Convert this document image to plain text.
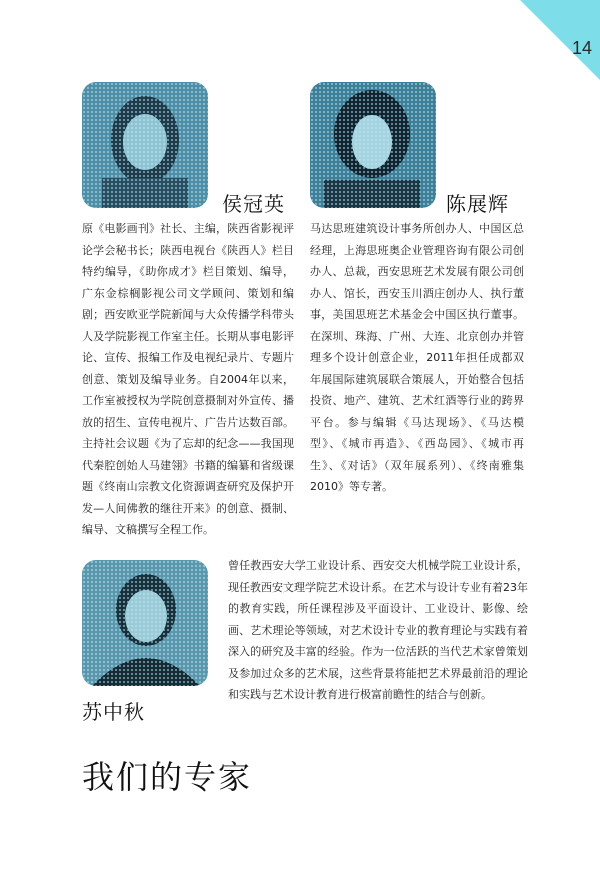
14
侯冠英

原《电影画刊》社长、主编，陕西省影视评论学会秘书长；陕西电视台《陕西人》栏目特约编导，《助你成才》栏目策划、编导，广东金棕榈影视公司文学顾问、策划和编剧；西安欧亚学院新闻与大众传播学科带头人及学院影视工作室主任。长期从事电影评论、宣传、报编工作及电视纪录片、专题片创意、策划及编导业务。自2004年以来，工作室被授权为学院创意摄制对外宣传、播放的招生、宣传电视片、广告片达数百部。主持社会议题《为了忘却的纪念——我国现代秦腔创始人马建翎》书籍的编纂和省级课题《终南山宗教文化资源调查研究及保护开发—人间佛教的继往开来》的创意、摄制、编导、文稿撰写全程工作。

陈展辉

马达思班建筑设计事务所创办人、中国区总经理，上海思班奥企业管理咨询有限公司创办人、总裁，西安思班艺术发展有限公司创办人、馆长，西安玉川酒庄创办人、执行董事，美国思班艺术基金会中国区执行董事。在深圳、珠海、广州、大连、北京创办并管理多个设计创意企业，2011年担任成都双年展国际建筑展联合策展人，开始整合包括投资、地产、建筑、艺术红酒等行业的跨界平台。参与编辑《马达现场》、《马达模型》、《城市再造》、《西岛园》、《城市再生》、《对话》（双年展系列）、《终南雅集2010》等专著。

苏中秋

曾任教西安大学工业设计系、西安交大机械学院工业设计系，现任教西安文理学院艺术设计系。在艺术与设计专业有着23年的教育实践，所任课程涉及平面设计、工业设计、影像、绘画、艺术理论等领域，对艺术设计专业的教育理论与实践有着深入的研究及丰富的经验。作为一位活跃的当代艺术家曾策划及参加过众多的艺术展，这些背景将能把艺术界最前沿的理论和实践与艺术设计教育进行极富前瞻性的结合与创新。

我们的专家
